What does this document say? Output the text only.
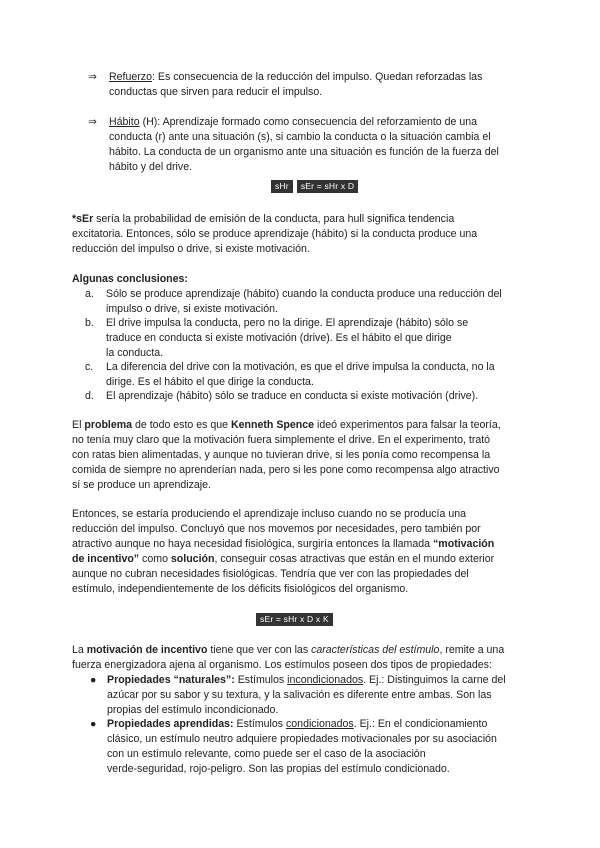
⇒ Refuerzo: Es consecuencia de la reducción del impulso. Quedan reforzadas las
conductas que sirven para reducir el impulso.
⇒ Hábito (H): Aprendizaje formado como consecuencia del reforzamiento de una
conducta (r) ante una situación (s), si cambio la conducta o la situación cambia el
hábito. La conducta de un organismo ante una situación es función de la fuerza del
hábito y del drive.
sHr	sEr = sHr x D
*sEr sería la probabilidad de emisión de la conducta, para hull significa tendencia
excitatoria. Entonces, sólo se produce aprendizaje (hábito) si la conducta produce una
reducción del impulso o drive, si existe motivación.
Algunas conclusiones:
a.	Sólo se produce aprendizaje (hábito) cuando la conducta produce una reducción del
impulso o drive, si existe motivación.
b.	El drive impulsa la conducta, pero no la dirige. El aprendizaje (hábito) sólo se
traduce en conducta si existe motivación (drive). Es el hábito el que dirige
la conducta.
c.	La diferencia del drive con la motivación, es que el drive impulsa la conducta, no la
dirige. Es el hábito el que dirige la conducta.
d.	El aprendizaje (hábito) sólo se traduce en conducta si existe motivación (drive).
El problema de todo esto es que Kenneth Spence ideó experimentos para falsar la teoría,
no tenía muy claro que la motivación fuera simplemente el drive. En el experimento, trató
con ratas bien alimentadas, y aunque no tuvieran drive, si les ponía como recompensa la
comida de siempre no aprenderían nada, pero si les pone como recompensa algo atractivo
sí se produce un aprendizaje.
Entonces, se estaría produciendo el aprendizaje incluso cuando no se producía una
reducción del impulso. Concluyó que nos movemos por necesidades, pero también por
atractivo aunque no haya necesidad fisiológica, surgiría entonces la llamada “motivación
de incentivo” como solución, conseguir cosas atractivas que están en el mundo exterior
aunque no cubran necesidades fisiológicas. Tendría que ver con las propiedades del
estímulo, independientemente de los déficits fisiológicos del organismo.
sEr = sHr x D x K
La motivación de incentivo tiene que ver con las características del estímulo, remite a una
fuerza energizadora ajena al organismo. Los estímulos poseen dos tipos de propiedades:
● Propiedades “naturales”: Estímulos incondicionados. Ej.: Distinguimos la carne del
azúcar por su sabor y su textura, y la salivación es diferente entre ambas. Son las
propias del estímulo incondicionado.
● Propiedades aprendidas: Estímulos condicionados. Ej.: En el condicionamiento
clásico, un estímulo neutro adquiere propiedades motivacionales por su asociación
con un estímulo relevante, como puede ser el caso de la asociación
verde-seguridad, rojo-peligro. Son las propias del estímulo condicionado.
